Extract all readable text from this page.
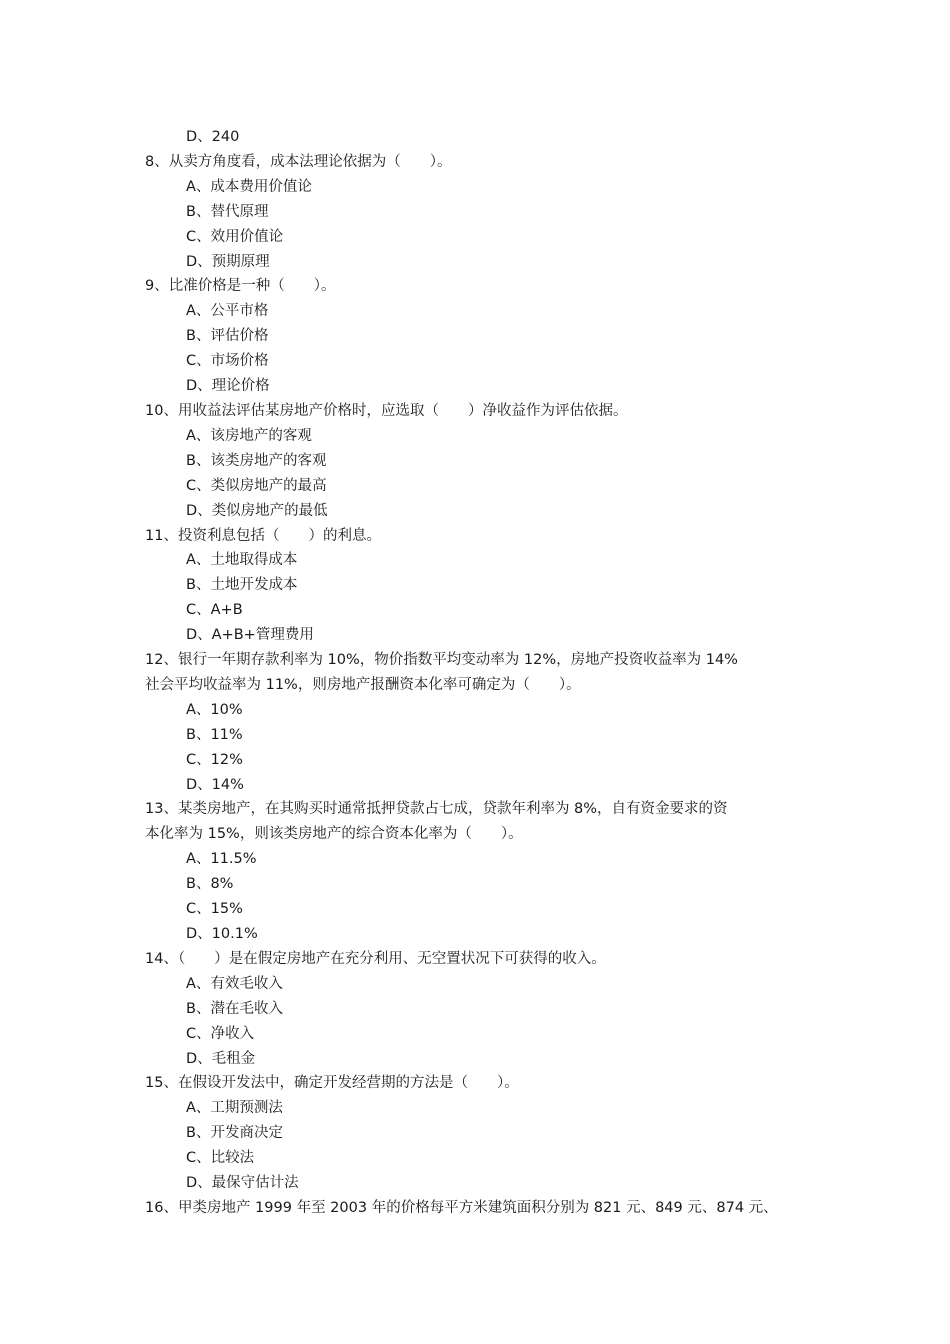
D、240
8、从卖方角度看，成本法理论依据为（　　）。
A、成本费用价值论
B、替代原理
C、效用价值论
D、预期原理
9、比准价格是一种（　　）。
A、公平市格
B、评估价格
C、市场价格
D、理论价格
10、用收益法评估某房地产价格时，应选取（　　）净收益作为评估依据。
A、该房地产的客观
B、该类房地产的客观
C、类似房地产的最高
D、类似房地产的最低
11、投资利息包括（　　）的利息。
A、土地取得成本
B、土地开发成本
C、A+B
D、A+B+管理费用
12、银行一年期存款利率为 10%，物价指数平均变动率为 12%，房地产投资收益率为 14%
社会平均收益率为 11%，则房地产报酬资本化率可确定为（　　）。
A、10%
B、11%
C、12%
D、14%
13、某类房地产，在其购买时通常抵押贷款占七成，贷款年利率为 8%，自有资金要求的资
本化率为 15%，则该类房地产的综合资本化率为（　　）。
A、11.5%
B、8%
C、15%
D、10.1%
14、（　　）是在假定房地产在充分利用、无空置状况下可获得的收入。
A、有效毛收入
B、潜在毛收入
C、净收入
D、毛租金
15、在假设开发法中，确定开发经营期的方法是（　　）。
A、工期预测法
B、开发商决定
C、比较法
D、最保守估计法
16、甲类房地产 1999 年至 2003 年的价格每平方米建筑面积分别为 821 元、849 元、874 元、
